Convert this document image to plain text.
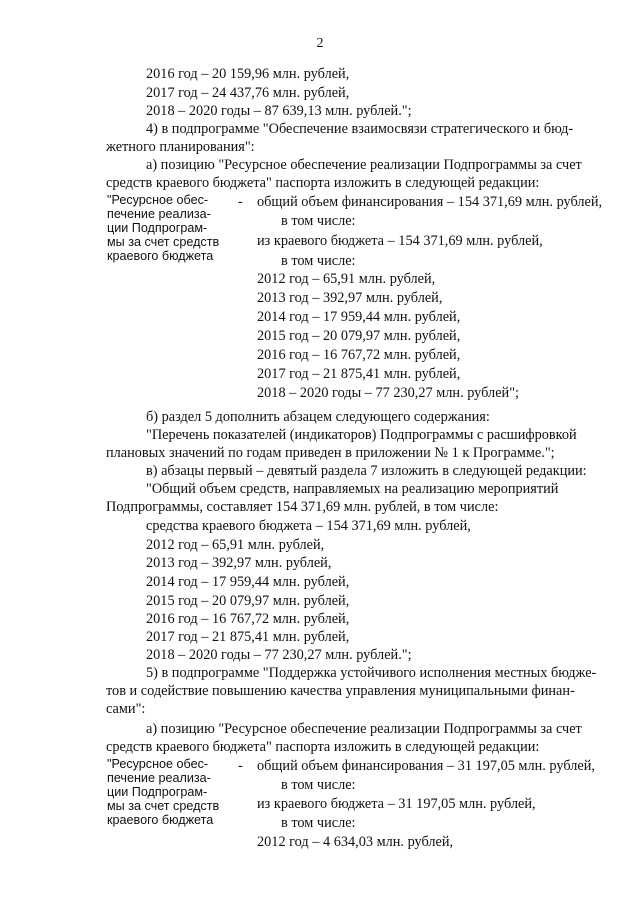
2
2016 год – 20 159,96 млн. рублей,
2017 год – 24 437,76 млн. рублей,
2018 – 2020 годы – 87 639,13 млн. рублей.";
4) в подпрограмме "Обеспечение взаимосвязи стратегического и бюд-
жетного планирования":
а) позицию "Ресурсное обеспечение реализации Подпрограммы за счет
средств краевого бюджета" паспорта изложить в следующей редакции:
"Ресурсное обес-
печение реализа-
ции Подпрограм-
мы за счет средств
краевого бюджета
- общий объем финансирования – 154 371,69 млн. рублей,
в том числе:
из краевого бюджета – 154 371,69 млн. рублей,
в том числе:
2012 год – 65,91 млн. рублей,
2013 год – 392,97 млн. рублей,
2014 год – 17 959,44 млн. рублей,
2015 год – 20 079,97 млн. рублей,
2016 год – 16 767,72 млн. рублей,
2017 год – 21 875,41 млн. рублей,
2018 – 2020 годы – 77 230,27 млн. рублей";
б) раздел 5 дополнить абзацем следующего содержания:
"Перечень показателей (индикаторов) Подпрограммы с расшифровкой
плановых значений по годам приведен в приложении № 1 к Программе.";
в) абзацы первый – девятый раздела 7 изложить в следующей редакции:
"Общий объем средств, направляемых на реализацию мероприятий
Подпрограммы, составляет 154 371,69 млн. рублей, в том числе:
средства краевого бюджета – 154 371,69 млн. рублей,
2012 год – 65,91 млн. рублей,
2013 год – 392,97 млн. рублей,
2014 год – 17 959,44 млн. рублей,
2015 год – 20 079,97 млн. рублей,
2016 год – 16 767,72 млн. рублей,
2017 год – 21 875,41 млн. рублей,
2018 – 2020 годы – 77 230,27 млн. рублей.";
5) в подпрограмме "Поддержка устойчивого исполнения местных бюдже-
тов и содействие повышению качества управления муниципальными финан-
сами":
а) позицию "Ресурсное обеспечение реализации Подпрограммы за счет
средств краевого бюджета" паспорта изложить в следующей редакции:
"Ресурсное обес-
печение реализа-
ции Подпрограм-
мы за счет средств
краевого бюджета
- общий объем финансирования – 31 197,05 млн. рублей,
в том числе:
из краевого бюджета – 31 197,05 млн. рублей,
в том числе:
2012 год – 4 634,03 млн. рублей,
